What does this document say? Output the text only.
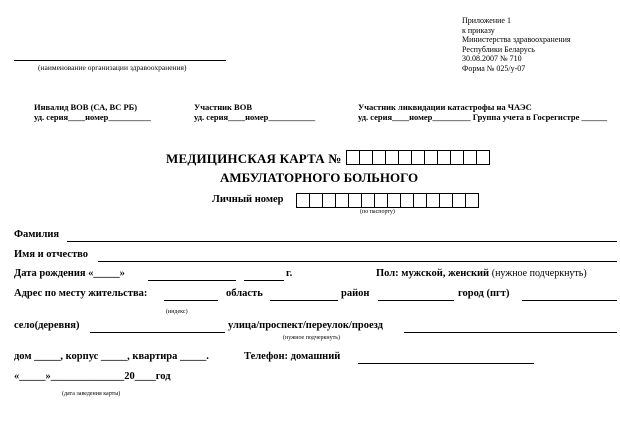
Приложение 1
к приказу
Министерства здравоохранения
Республики Беларусь
30.08.2007 № 710
Форма № 025/у-07
(наименование организации здравоохранения)
Инвалид ВОВ (СА, ВС РБ)
уд. серия____номер__________
Участник ВОВ
уд. серия____номер___________
Участник ликвидации катастрофы на ЧАЭС
уд. серия____номер_________ Группа учета в Госрегистре ______
МЕДИЦИНСКАЯ КАРТА №
АМБУЛАТОРНОГО БОЛЬНОГО
Личный номер
(по паспорту)
Фамилия
Имя и отчество
Дата рождения «_____»	г.	Пол: мужской, женский (нужное подчеркнуть)
Адрес по месту жительства:	область	район	город (пгт)
(индекс)
село(деревня)	улица/проспект/переулок/проезд
(нужное подчеркнуть)
дом _____, корпус _____, квартира _____.	Телефон: домашний
«_____»______________20____год
(дата заведения карты)
